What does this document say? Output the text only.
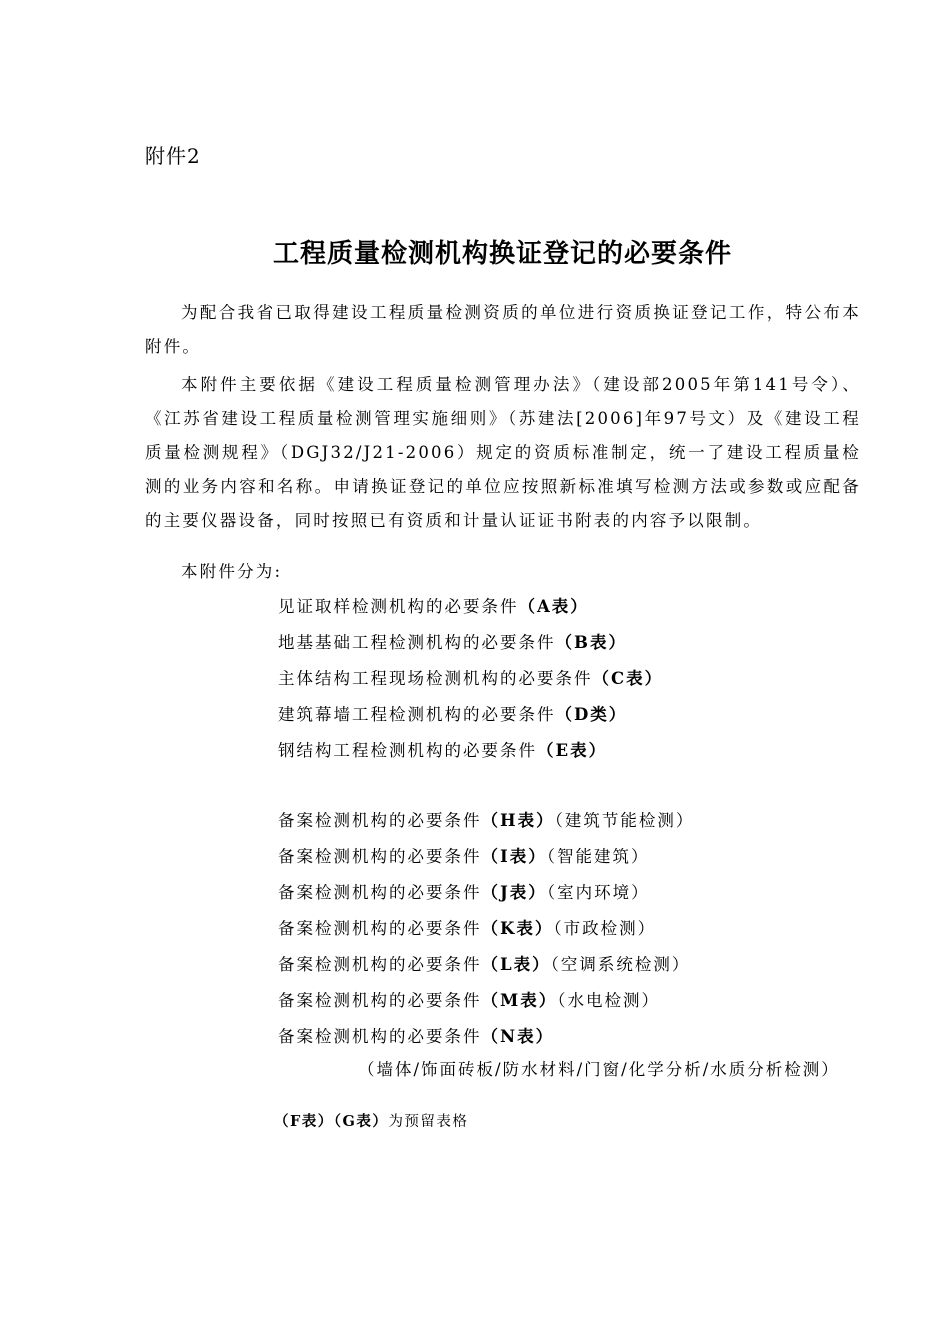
附件2
工程质量检测机构换证登记的必要条件

为配合我省已取得建设工程质量检测资质的单位进行资质换证登记工作，特公布本附件。

本附件主要依据《建设工程质量检测管理办法》（建设部2005年第141号令）、《江苏省建设工程质量检测管理实施细则》（苏建法[2006]年97号文）及《建设工程质量检测规程》（DGJ32/J21-2006）规定的资质标准制定，统一了建设工程质量检测的业务内容和名称。申请换证登记的单位应按照新标准填写检测方法或参数或应配备的主要仪器设备，同时按照已有资质和计量认证证书附表的内容予以限制。

本附件分为:

见证取样检测机构的必要条件（A表）
地基基础工程检测机构的必要条件（B表）
主体结构工程现场检测机构的必要条件（C表）
建筑幕墙工程检测机构的必要条件（D类）
钢结构工程检测机构的必要条件（E表）
备案检测机构的必要条件（H表）（建筑节能检测）
备案检测机构的必要条件（I表）（智能建筑）
备案检测机构的必要条件（J表）（室内环境）
备案检测机构的必要条件（K表）（市政检测）
备案检测机构的必要条件（L表）（空调系统检测）
备案检测机构的必要条件（M表）（水电检测）
备案检测机构的必要条件（N表）
（墙体/饰面砖板/防水材料/门窗/化学分析/水质分析检测）
（F表）（G表）为预留表格
